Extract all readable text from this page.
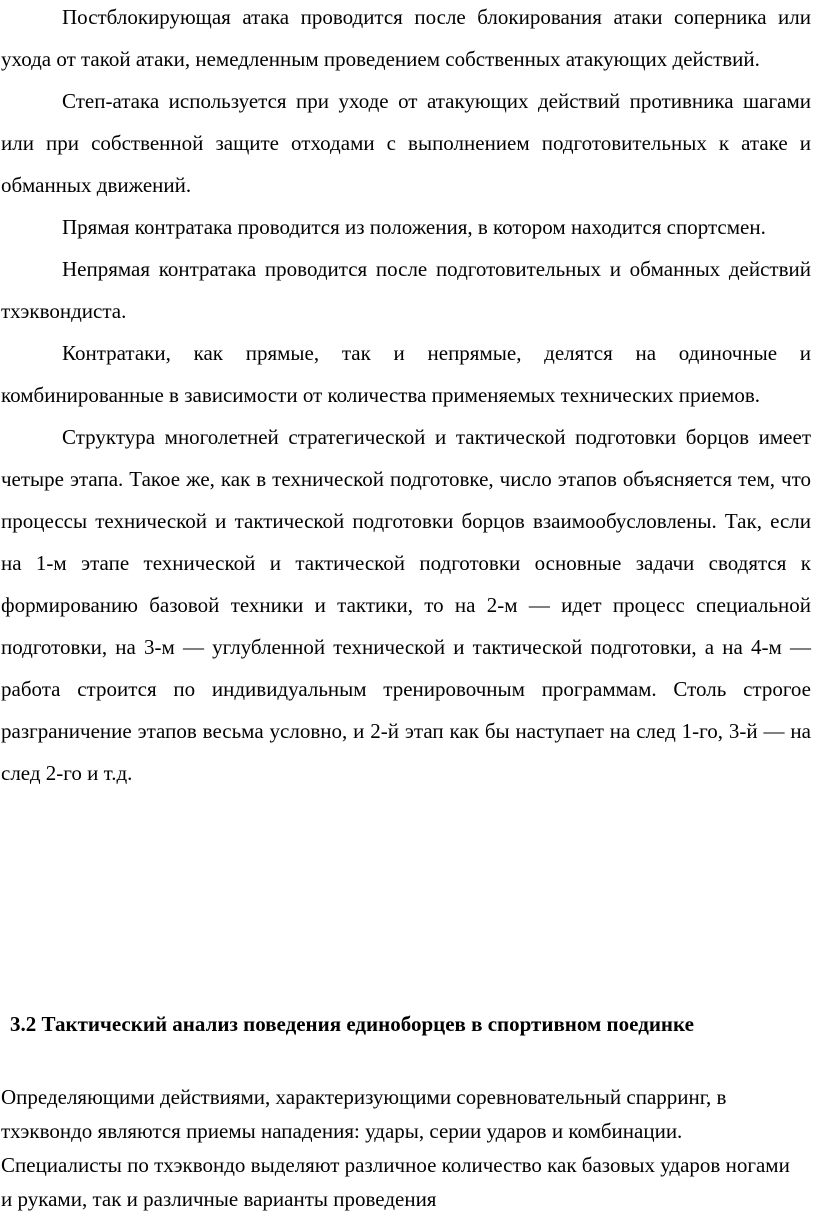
Постблокирующая атака проводится после блокирования атаки соперника или ухода от такой атаки, немедленным проведением собственных атакующих действий.

Степ-атака используется при уходе от атакующих действий противника шагами или при собственной защите отходами с выполнением подготовительных к атаке и обманных движений.

Прямая контратака проводится из положения, в котором находится спортсмен.

Непрямая контратака проводится после подготовительных и обманных действий тхэквондиста.

Контратаки, как прямые, так и непрямые, делятся на одиночные и комбинированные в зависимости от количества применяемых технических приемов.

Структура многолетней стратегической и тактической подготовки борцов имеет четыре этапа. Такое же, как в технической подготовке, число этапов объясняется тем, что процессы технической и тактической подготовки борцов взаимообусловлены. Так, если на 1-м этапе технической и тактической подготовки основные задачи сводятся к формированию базовой техники и тактики, то на 2-м — идет процесс специальной подготовки, на 3-м — углубленной технической и тактической подготовки, а на 4-м — работа строится по индивидуальным тренировочным программам. Столь строгое разграничение этапов весьма условно, и 2-й этап как бы наступает на след 1-го, 3-й — на след 2-го и т.д.

3.2 Тактический анализ поведения единоборцев в спортивном поединке

Определяющими действиями, характеризующими соревновательный спарринг, в тхэквондо являются приемы нападения: удары, серии ударов и комбинации. Специалисты по тхэквондо выделяют различное количество как базовых ударов ногами и руками, так и различные варианты проведения
